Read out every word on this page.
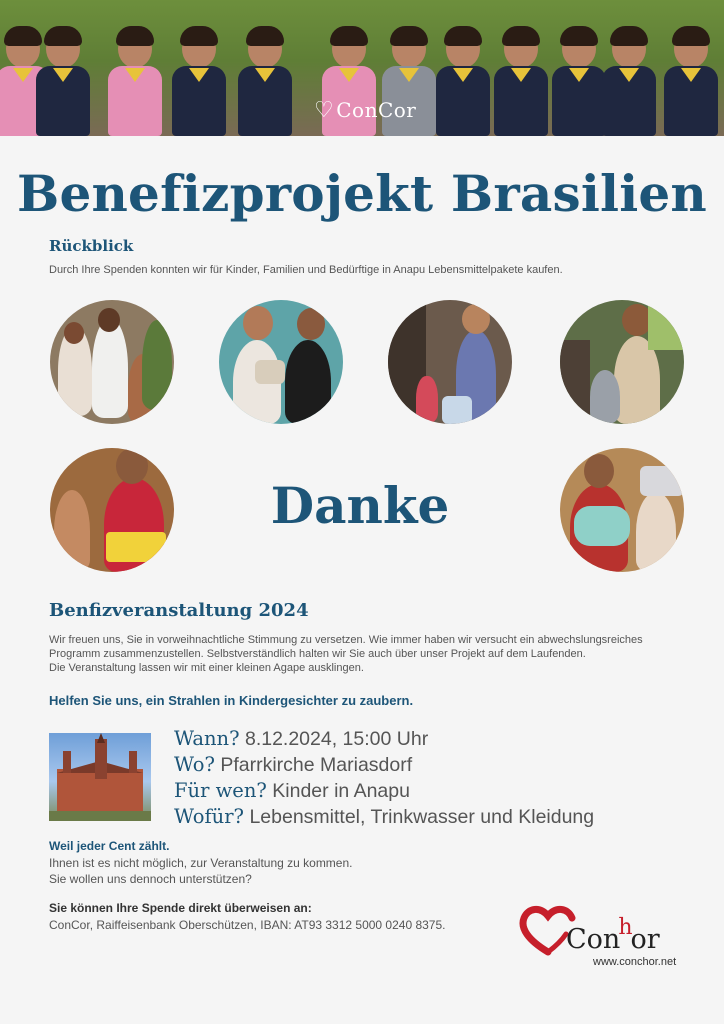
♡ ConCor
Benefizprojekt Brasilien
Rückblick
Durch Ihre Spenden konnten wir für Kinder, Familien und Bedürftige in Anapu Lebensmittelpakete kaufen.
Danke
Benfizveranstaltung 2024
Wir freuen uns, Sie in vorweihnachtliche Stimmung zu versetzen. Wie immer haben wir versucht ein abwechslungsreiches
Programm zusammenzustellen. Selbstverständlich halten wir Sie auch über unser Projekt auf dem Laufenden.
Die Veranstaltung lassen wir mit einer kleinen Agape ausklingen.
Helfen Sie uns, ein Strahlen in Kindergesichter zu zaubern.
Wann? 8.12.2024, 15:00 Uhr
Wo? Pfarrkirche Mariasdorf
Für wen? Kinder in Anapu
Wofür? Lebensmittel, Trinkwasser und Kleidung
Weil jeder Cent zählt.
Ihnen ist es nicht möglich, zur Veranstaltung zu kommen.
Sie wollen uns dennoch unterstützen?
Sie können Ihre Spende direkt überweisen an:
ConCor, Raiffeisenbank Oberschützen, IBAN: AT93 3312 5000 0240 8375.	Con$^h$or
www.conchor.net
